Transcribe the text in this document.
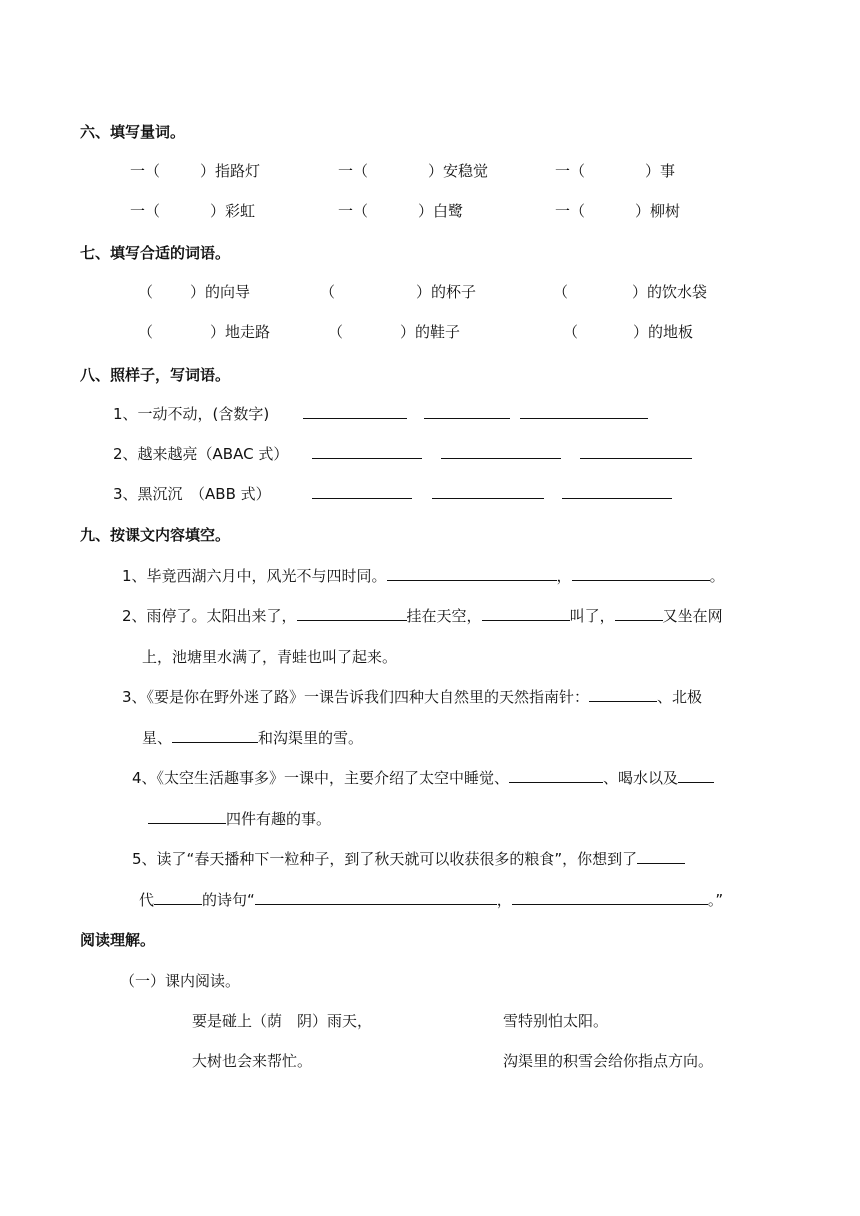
六、填写量词。
一（	）指路灯	一（	）安稳觉	一（	）事
一（	）彩虹	一（	）白鹭	一（	）柳树
七、填写合适的词语。
（ ）的向导	（	）的杯子	（	）的饮水袋
（	）地走路	（	）的鞋子	（	）的地板
八、照样子，写词语。
1、一动不动，(含数字)
2、越来越亮（ABAC 式）
3、黑沉沉　（ABB 式）
九、按课文内容填空。
1、毕竟西湖六月中，风光不与四时同。	，	。
2、雨停了。太阳出来了，	挂在天空，	叫了，	又坐在网
上，池塘里水满了，青蛙也叫了起来。
3、《要是你在野外迷了路》一课告诉我们四种大自然里的天然指南针：	、北极
星、	和沟渠里的雪。
4、《太空生活趣事多》一课中，主要介绍了太空中睡觉、	、喝水以及
四件有趣的事。
5、读了“春天播种下一粒种子，到了秋天就可以收获很多的粮食”，你想到了
代	的诗句“	，	。”
阅读理解。
（一）课内阅读。
要是碰上（荫　阴）雨天，	雪特别怕太阳。
大树也会来帮忙。	沟渠里的积雪会给你指点方向。
